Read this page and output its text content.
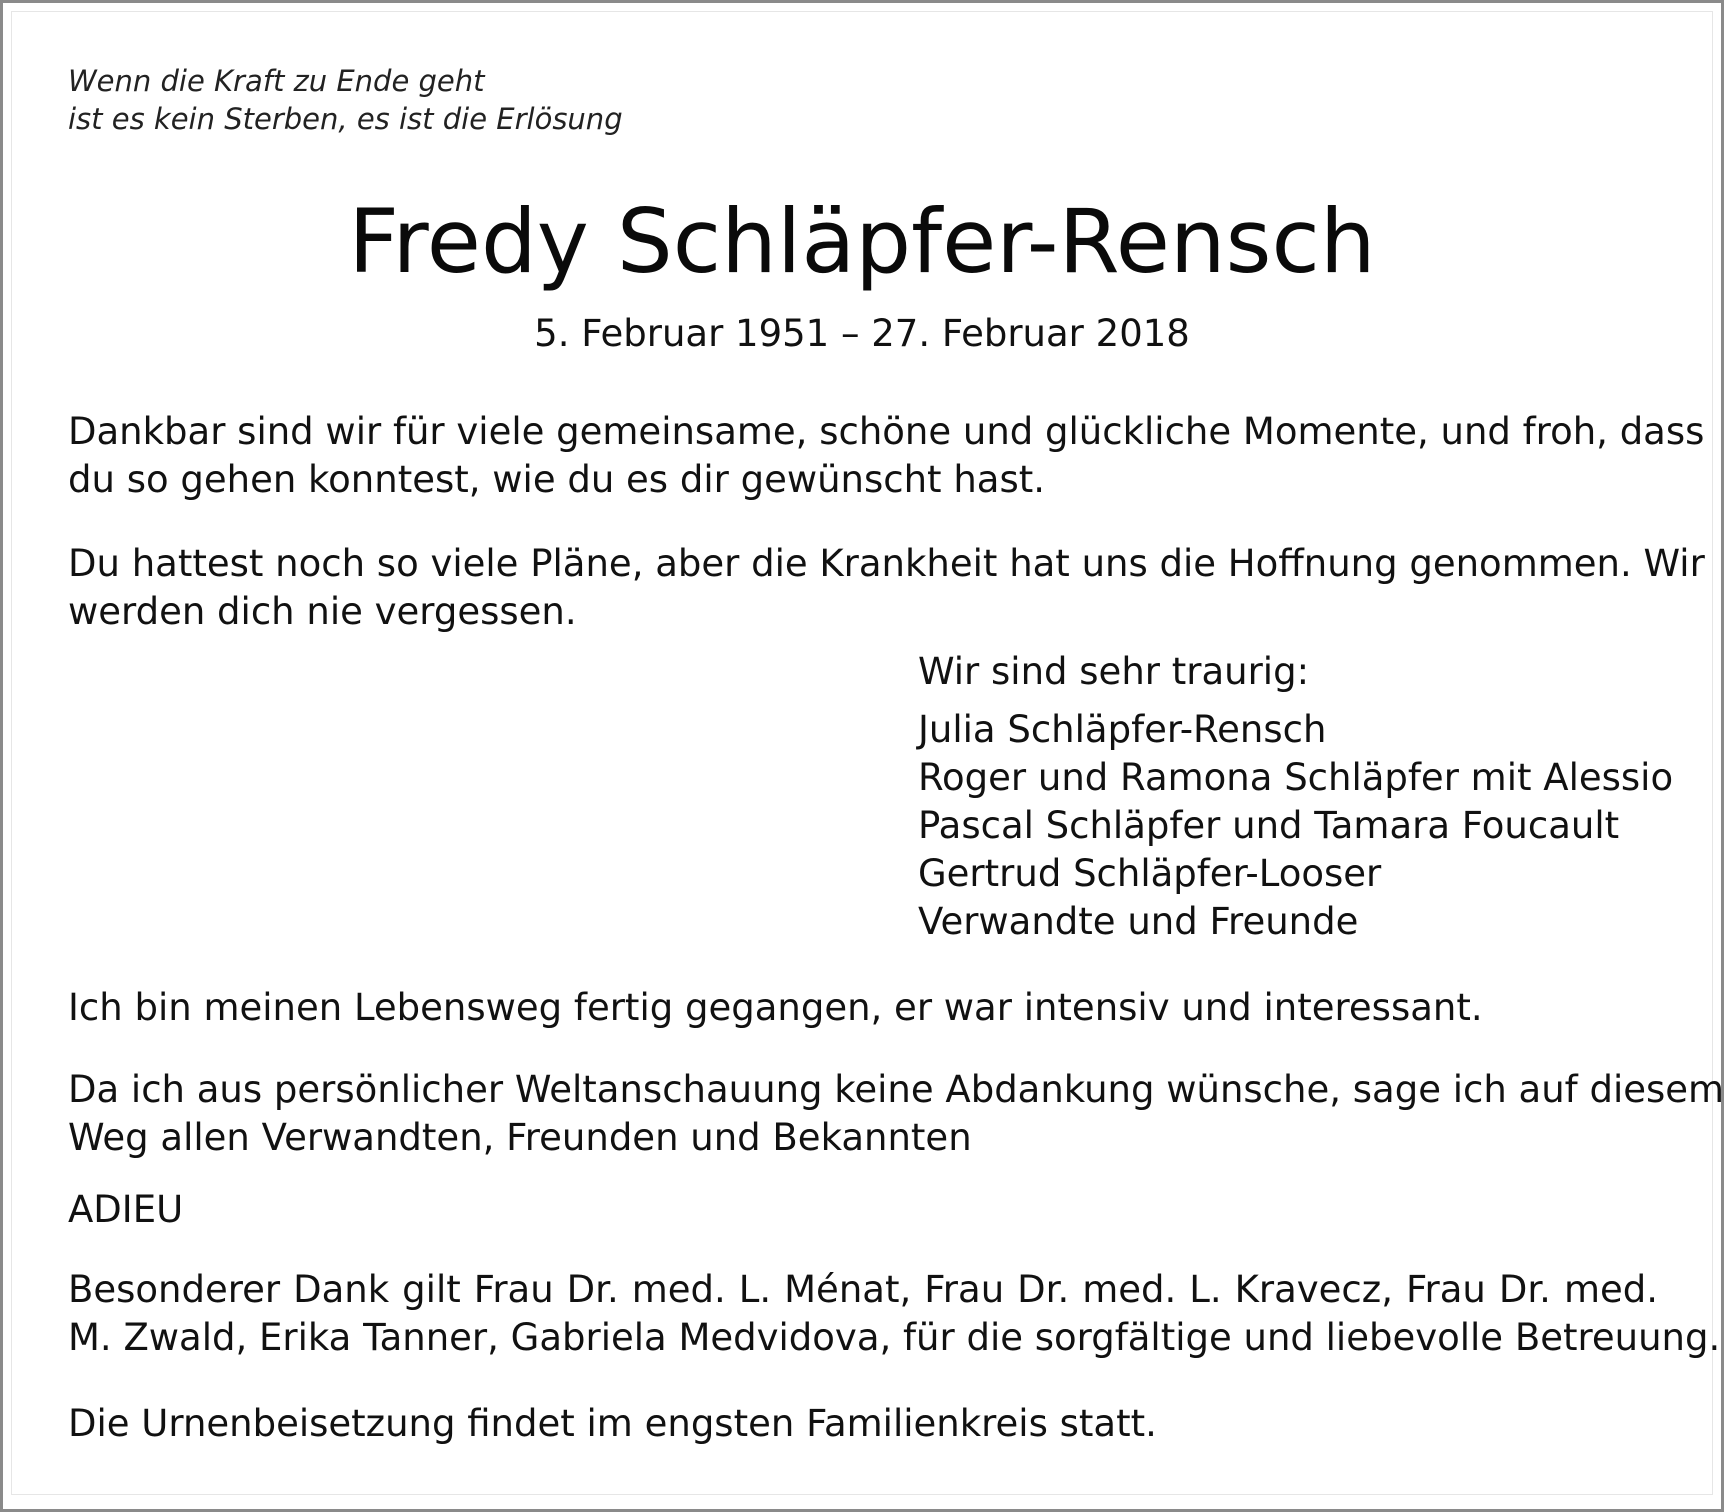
Wenn die Kraft zu Ende geht

ist es kein Sterben, es ist die Erlösung

Fredy Schläpfer-Rensch

5. Februar 1951 – 27. Februar 2018

Dankbar sind wir für viele gemeinsame, schöne und glückliche Momente, und froh, dass

du so gehen konntest, wie du es dir gewünscht hast.

Du hattest noch so viele Pläne, aber die Krankheit hat uns die Hoffnung genommen. Wir

werden dich nie vergessen.

Wir sind sehr traurig:

Julia Schläpfer-Rensch

Roger und Ramona Schläpfer mit Alessio

Pascal Schläpfer und Tamara Foucault

Gertrud Schläpfer-Looser

Verwandte und Freunde

Ich bin meinen Lebensweg fertig gegangen, er war intensiv und interessant.

Da ich aus persönlicher Weltanschauung keine Abdankung wünsche, sage ich auf diesem

Weg allen Verwandten, Freunden und Bekannten

ADIEU

Besonderer Dank gilt Frau Dr. med. L. Ménat, Frau Dr. med. L. Kravecz, Frau Dr. med.

M. Zwald, Erika Tanner, Gabriela Medvidova, für die sorgfältige und liebevolle Betreuung.

Die Urnenbeisetzung findet im engsten Familienkreis statt.
